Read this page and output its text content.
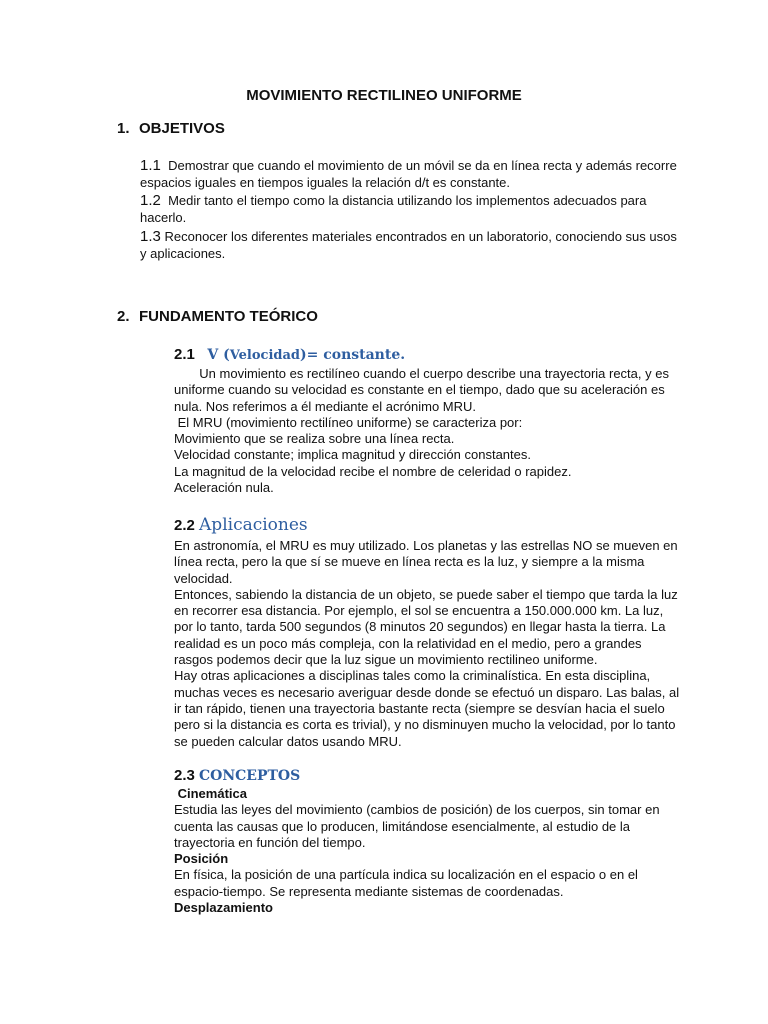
MOVIMIENTO RECTILINEO UNIFORME
1. OBJETIVOS
1.1 Demostrar que cuando el movimiento de un móvil se da en línea recta y además recorre
espacios iguales en tiempos iguales la relación d/t es constante.
1.2 Medir tanto el tiempo como la distancia utilizando los implementos adecuados para
hacerlo.
1.3 Reconocer los diferentes materiales encontrados en un laboratorio, conociendo sus usos
y aplicaciones.
2. FUNDAMENTO TEÓRICO
2.1 V (Velocidad)= constante.
Un movimiento es rectilíneo cuando el cuerpo describe una trayectoria recta, y es
uniforme cuando su velocidad es constante en el tiempo, dado que su aceleración es
nula. Nos referimos a él mediante el acrónimo MRU.
El MRU (movimiento rectilíneo uniforme) se caracteriza por:
Movimiento que se realiza sobre una línea recta.
Velocidad constante; implica magnitud y dirección constantes.
La magnitud de la velocidad recibe el nombre de celeridad o rapidez.
Aceleración nula.
2.2 Aplicaciones
En astronomía, el MRU es muy utilizado. Los planetas y las estrellas NO se mueven en
línea recta, pero la que sí se mueve en línea recta es la luz, y siempre a la misma
velocidad.
Entonces, sabiendo la distancia de un objeto, se puede saber el tiempo que tarda la luz
en recorrer esa distancia. Por ejemplo, el sol se encuentra a 150.000.000 km. La luz,
por lo tanto, tarda 500 segundos (8 minutos 20 segundos) en llegar hasta la tierra. La
realidad es un poco más compleja, con la relatividad en el medio, pero a grandes
rasgos podemos decir que la luz sigue un movimiento rectilineo uniforme.
Hay otras aplicaciones a disciplinas tales como la criminalística. En esta disciplina,
muchas veces es necesario averiguar desde donde se efectuó un disparo. Las balas, al
ir tan rápido, tienen una trayectoria bastante recta (siempre se desvían hacia el suelo
pero si la distancia es corta es trivial), y no disminuyen mucho la velocidad, por lo tanto
se pueden calcular datos usando MRU.
2.3 CONCEPTOS
Cinemática
Estudia las leyes del movimiento (cambios de posición) de los cuerpos, sin tomar en
cuenta las causas que lo producen, limitándose esencialmente, al estudio de la
trayectoria en función del tiempo.
Posición
En física, la posición de una partícula indica su localización en el espacio o en el
espacio-tiempo. Se representa mediante sistemas de coordenadas.
Desplazamiento
